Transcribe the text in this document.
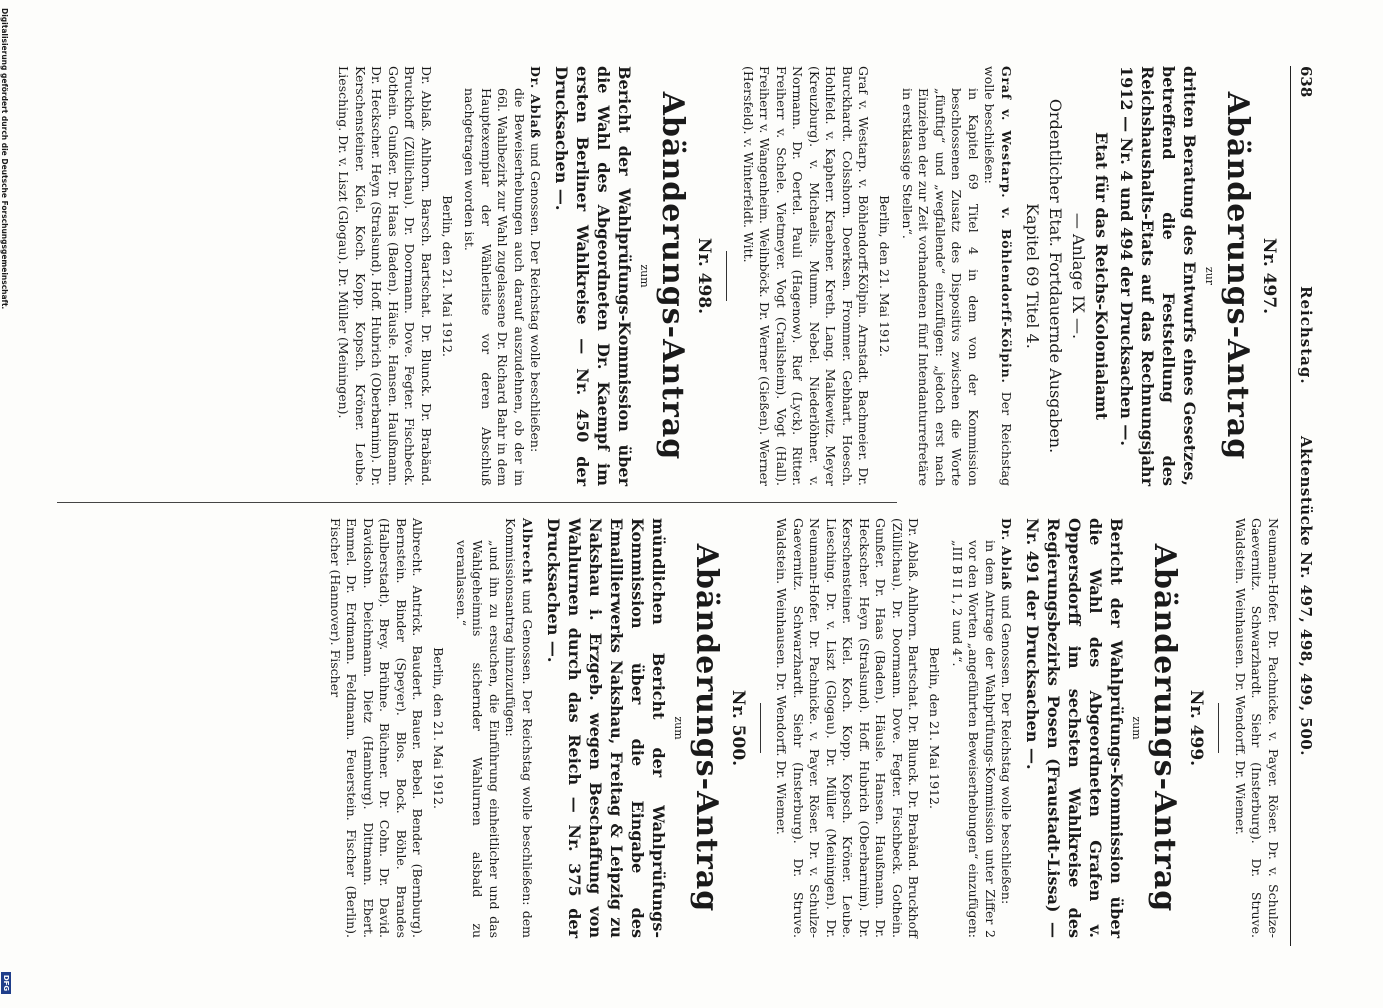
638
Reichstag.
Aktenstücke Nr. 497, 498, 499, 500.
Nr. 497.
Abänderungs-Antrag
zur

dritten Beratung des Entwurfs eines Gesetzes, betreffend die Feststellung des Reichshaushalts-Etats auf das Rechnungsjahr 1912 — Nr. 4 und 494 der Drucksachen —.

Etat für das Reichs-Kolonialamt
— Anlage IX —.
Ordentlicher Etat. Fortdauernde Ausgaben.
Kapitel 69 Titel 4.

Graf v. Westarp. v. Böhlendorff-Kölpin. Der Reichstag wolle beschließen:

in Kapitel 69 Titel 4 in dem von der Kommission beschlossenen Zusatz des Dispositivs zwischen die Worte „fünftig“ und „wegfallende“ einzufügen: „jedoch erst nach Einziehen der zur Zeit vorhandenen fünf Intendanturrefretäre in erstklassige Stellen“.

Berlin, den 21. Mai 1912.

Graf v. Westarp. v. Böhlendorff-Kölpin. Arnstadt. Bachmeier. Dr. Burckhardt. Colsshorn. Doerksen. Frommer. Gebhart. Hoesch. Hohlfeld. v. Kapherr. Kraebner. Kreth. Lang. Malkewitz. Meyer (Kreuzburg). v. Michaelis. Mumm. Nebel. Niederlöhner. v. Normann. Dr. Oertel. Pauli (Hagenow). Rief (Lyck). Ritter. Freiherr v. Schele. Vietmeyer. Vogt (Crailsheim). Vogt (Hall). Freiherr v. Wangenheim. Weilnböck. Dr. Werner (Gießen). Werner (Hersfeld). v. Winterfeldt. Witt.

Nr. 498.
Abänderungs-Antrag
zum

Bericht der Wahlprüfungs-Kommission über die Wahl des Abgeordneten Dr. Kaempf im ersten Berliner Wahlkreise — Nr. 450 der Drucksachen —.

Dr. Ablaß und Genossen. Der Reichstag wolle beschließen:

die Beweiserhebungen auch darauf auszudehnen, ob der im 66l. Wahlbezirk zur Wahl zugelassene Dr. Richard Bahr in dem Hauptexemplar der Wählerliste vor deren Abschluß nachgetragen worden ist.

Berlin, den 21. Mai 1912.

Dr. Ablaß. Ahlhorn. Barsch. Bartschat. Dr. Blunck. Dr. Brabänd. Bruckhoff (Züllichau). Dr. Doormann. Dove. Fegter. Fischbeck. Gothein. Gunßer. Dr. Haas (Baden). Häusle. Hansen. Haußmann. Dr. Heckscher. Heyn (Stralsund). Hoff. Hubrich (Oberbarnim). Dr. Kerschensteiner. Kiel. Koch. Kopp. Kopsch. Kröner. Leube. Liesching. Dr. v. Liszt (Glogau). Dr. Müller (Meiningen).

Neumann-Hofer. Dr. Pachnicke. v. Payer. Röser. Dr. v. Schulze-Gaevernitz. Schwarzhardt. Siehr (Insterburg). Dr. Struve. Waldstein. Weinhausen. Dr. Wendorff. Dr. Wiemer.

Nr. 499.
Abänderungs-Antrag
zum

Bericht der Wahlprüfungs-Kommission über die Wahl des Abgeordneten Grafen v. Oppersdorff im sechsten Wahlkreise des Regierungsbezirks Posen (Fraustadt-Lissa) — Nr. 491 der Drucksachen —.

Dr. Ablaß und Genossen. Der Reichstag wolle beschließen:

in dem Antrage der Wahlprüfungs-Kommission unter Ziffer 2 vor den Worten „angeführten Beweiserhebungen“ einzufügen: „III B II 1, 2 und 4“.

Berlin, den 21. Mai 1912.

Dr. Ablaß. Ahlhorn. Bartschat. Dr. Blunck. Dr. Brabänd. Bruckhoff (Züllichau). Dr. Doormann. Dove. Fegter. Fischbeck. Gothein. Gunßer. Dr. Haas (Baden). Häusle. Hansen. Haußmann. Dr. Heckscher. Heyn (Stralsund). Hoff. Hubrich (Oberbarnim). Dr. Kerschensteiner. Kiel. Koch. Kopp. Kopsch. Kröner. Leube. Liesching. Dr. v. Liszt (Glogau). Dr. Müller (Meiningen). Dr. Neumann-Hofer. Dr. Pachnicke. v. Payer. Röser. Dr. v. Schulze-Gaevernitz. Schwarzhardt. Siehr (Insterburg). Dr. Struve. Waldstein. Weinhausen. Dr. Wendorff. Dr. Wiemer.

Nr. 500.
Abänderungs-Antrag
zum

mündlichen Bericht der Wahlprüfungs-Kommission über die Eingabe des Emaillierwerks Nakshau, Freitag & Leipzig zu Nakshau i. Erzgeb. wegen Beschaffung von Wahlurnen durch das Reich — Nr. 375 der Drucksachen —.

Albrecht und Genossen. Der Reichstag wolle beschließen: dem Kommissionsantrag hinzuzufügen:

„und ihn zu ersuchen, die Einführung einheitlicher und das Wahlgeheimnis sichernder Wahlurnen alsbald zu veranlassen.“

Berlin, den 21. Mai 1912.

Albrecht. Antrick. Baudert. Bauer. Bebel. Bender (Bernburg). Bernstein. Binder (Speyer). Blos. Bock. Böhle. Brandes (Halberstadt). Brey. Brühne. Büchner. Dr. Cohn. Dr. David. Davidsohn. Deichmann. Dietz (Hamburg). Dittmann. Ebert. Emmel. Dr. Erdmann. Feldmann. Feuerstein. Fischer (Berlin). Fischer (Hannover). Fischer

Digitalisierung gefördert durch die Deutsche Forschungsgemeinschaft.
DFG
